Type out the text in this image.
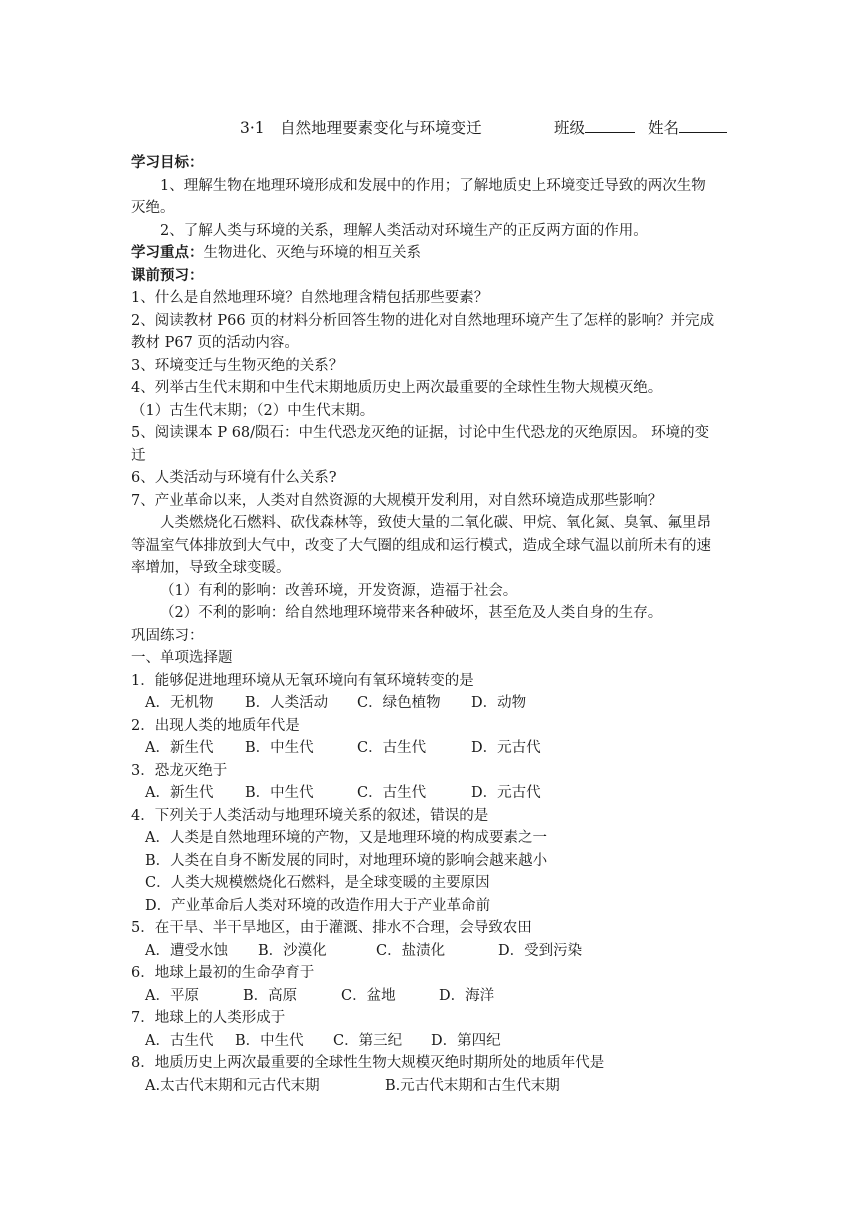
3·1　自然地理要素变化与环境变迁	班级	姓名
学习目标：
1、理解生物在地理环境形成和发展中的作用；了解地质史上环境变迁导致的两次生物
灭绝。
2、了解人类与环境的关系，理解人类活动对环境生产的正反两方面的作用。
学习重点：生物进化、灭绝与环境的相互关系
课前预习：
1、什么是自然地理环境？自然地理含精包括那些要素？
2、阅读教材 P66 页的材料分析回答生物的进化对自然地理环境产生了怎样的影响？并完成
教材 P67 页的活动内容。
3、环境变迁与生物灭绝的关系？
4、列举古生代末期和中生代末期地质历史上两次最重要的全球性生物大规模灭绝。
（1）古生代末期；（2）中生代末期。
5、阅读课本 P 68/陨石：中生代恐龙灭绝的证据，讨论中生代恐龙的灭绝原因。 环境的变
迁
6、人类活动与环境有什么关系?
7、产业革命以来，人类对自然资源的大规模开发利用，对自然环境造成那些影响？
人类燃烧化石燃料、砍伐森林等，致使大量的二氧化碳、甲烷、氧化氮、臭氧、氟里昂
等温室气体排放到大气中，改变了大气圈的组成和运行模式，造成全球气温以前所未有的速
率增加，导致全球变暖。
（1）有利的影响：改善环境，开发资源，造福于社会。
（2）不利的影响：给自然地理环境带来各种破坏，甚至危及人类自身的生存。
巩固练习：
一、单项选择题
1．能够促进地理环境从无氧环境向有氧环境转变的是
A．无机物 B．人类活动 C．绿色植物 D．动物
2．出现人类的地质年代是
A．新生代 B．中生代	C．古生代	D．元古代
3．恐龙灭绝于
A．新生代 B．中生代	C．古生代	D．元古代
4．下列关于人类活动与地理环境关系的叙述，错误的是
A．人类是自然地理环境的产物，又是地理环境的构成要素之一
B．人类在自身不断发展的同时，对地理环境的影响会越来越小
C．人类大规模燃烧化石燃料，是全球变暖的主要原因
D．产业革命后人类对环境的改造作用大于产业革命前
5．在干旱、半干旱地区，由于灌溉、排水不合理，会导致农田
A．遭受水蚀 B．沙漠化	C．盐渍化	D．受到污染
6．地球上最初的生命孕育于
A．平原	B．高原	C．盆地	D．海洋
7．地球上的人类形成于
A．古生代 B．中生代 C．第三纪 D．第四纪
8．地质历史上两次最重要的全球性生物大规模灭绝时期所处的地质年代是
A.太古代末期和元古代末期	B.元古代末期和古生代末期
